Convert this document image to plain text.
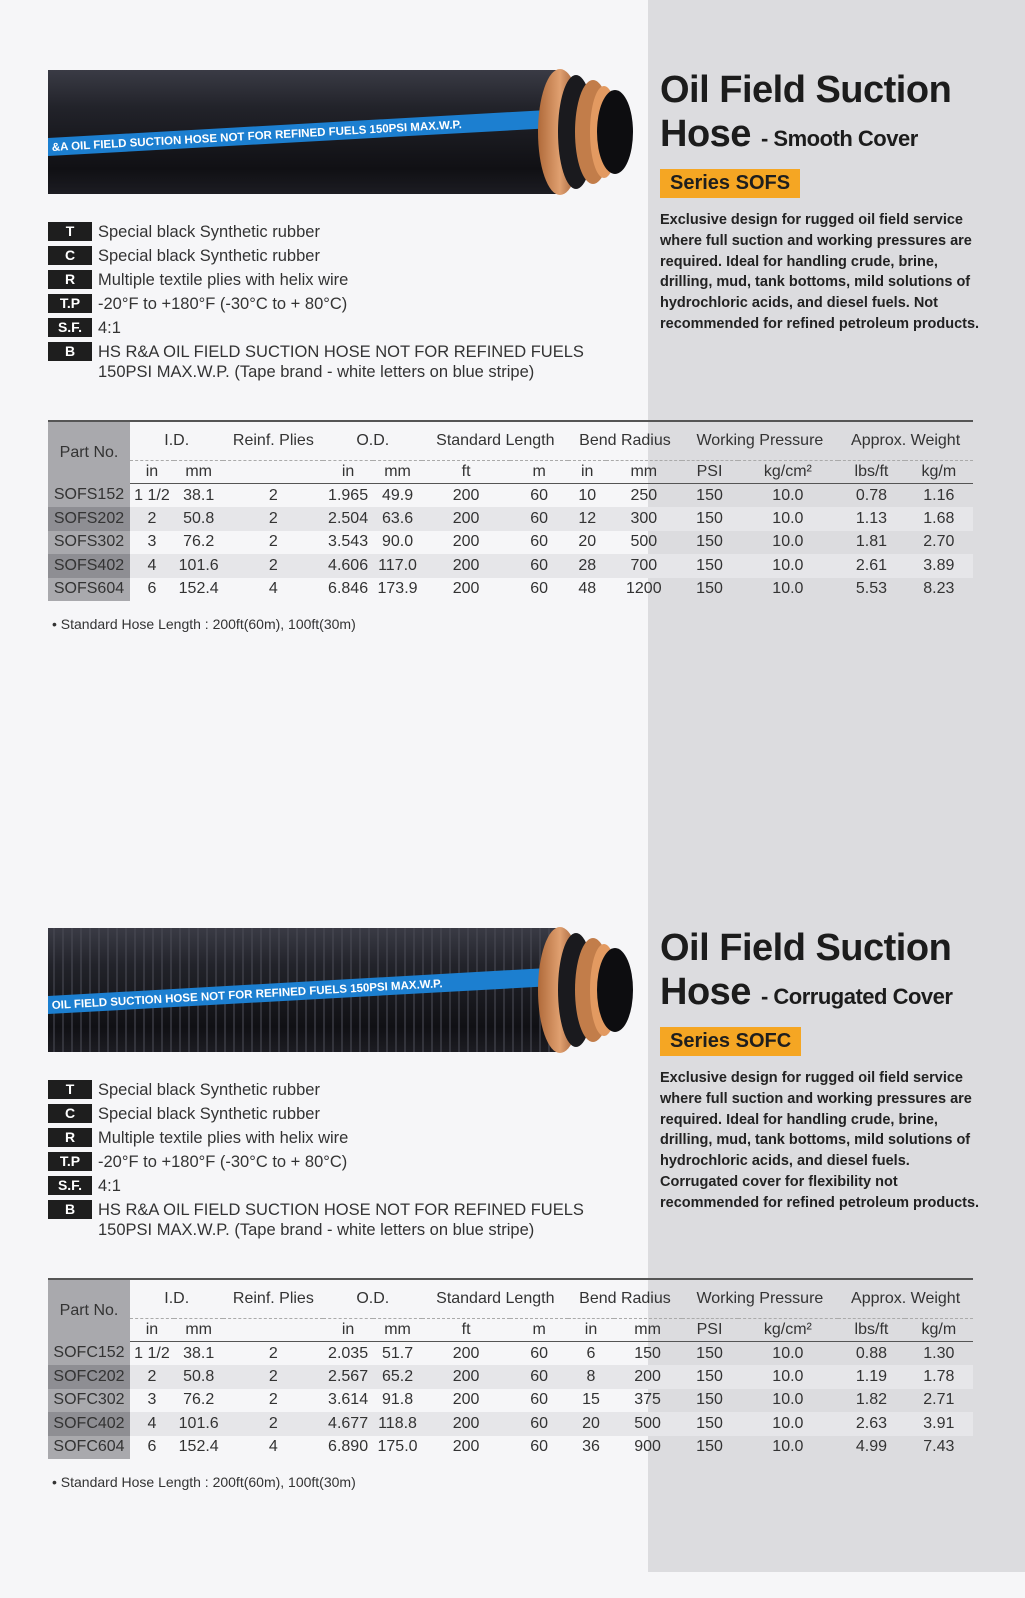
&A OIL FIELD SUCTION HOSE NOT FOR REFINED FUELS 150PSI MAX.W.P.
Oil Field Suction
Hose - Smooth Cover
Series SOFS
Exclusive design for rugged oil field service where full suction and working pressures are required. Ideal for handling crude, brine, drilling, mud, tank bottoms, mild solutions of hydrochloric acids, and diesel fuels. Not recommended for refined petroleum products.
T	Special black Synthetic rubber
C	Special black Synthetic rubber
R	Multiple textile plies with helix wire
T.P	-20°F to +180°F (-30°C to + 80°C)
S.F. 4:1
B	HS R&A OIL FIELD SUCTION HOSE NOT FOR REFINED FUELS
150PSI MAX.W.P. (Tape brand - white letters on blue stripe)
Part No.	I.D.		Reinf. Plies	O.D.		Standard Length		Bend Radius		Working Pressure		Approx. Weight	
	in	mm		in	mm	ft	m	in	mm	PSI	kg/cm²	lbs/ft	kg/m
SOFS152	1 1/2	38.1	2	1.965	49.9	200	60	10	250	150	10.0	0.78	1.16
SOFS202	2	50.8	2	2.504	63.6	200	60	12	300	150	10.0	1.13	1.68
SOFS302	3	76.2	2	3.543	90.0	200	60	20	500	150	10.0	1.81	2.70
SOFS402	4	101.6	2	4.606	117.0	200	60	28	700	150	10.0	2.61	3.89
SOFS604	6	152.4	4	6.846	173.9	200	60	48	1200	150	10.0	5.53	8.23
• Standard Hose Length : 200ft(60m), 100ft(30m)
OIL FIELD SUCTION HOSE NOT FOR REFINED FUELS 150PSI MAX.W.P.
Oil Field Suction
Hose - Corrugated Cover
Series SOFC
Exclusive design for rugged oil field service where full suction and working pressures are required. Ideal for handling crude, brine, drilling, mud, tank bottoms, mild solutions of hydrochloric acids, and diesel fuels. Corrugated cover for flexibility not recommended for refined petroleum products.
T	Special black Synthetic rubber
C	Special black Synthetic rubber
R	Multiple textile plies with helix wire
T.P	-20°F to +180°F (-30°C to + 80°C)
S.F. 4:1
B	HS R&A OIL FIELD SUCTION HOSE NOT FOR REFINED FUELS
150PSI MAX.W.P. (Tape brand - white letters on blue stripe)
Part No.	I.D.		Reinf. Plies	O.D.		Standard Length		Bend Radius		Working Pressure		Approx. Weight	
	in	mm		in	mm	ft	m	in	mm	PSI	kg/cm²	lbs/ft	kg/m
SOFC152	1 1/2	38.1	2	2.035	51.7	200	60	6	150	150	10.0	0.88	1.30
SOFC202	2	50.8	2	2.567	65.2	200	60	8	200	150	10.0	1.19	1.78
SOFC302	3	76.2	2	3.614	91.8	200	60	15	375	150	10.0	1.82	2.71
SOFC402	4	101.6	2	4.677	118.8	200	60	20	500	150	10.0	2.63	3.91
SOFC604	6	152.4	4	6.890	175.0	200	60	36	900	150	10.0	4.99	7.43
• Standard Hose Length : 200ft(60m), 100ft(30m)
